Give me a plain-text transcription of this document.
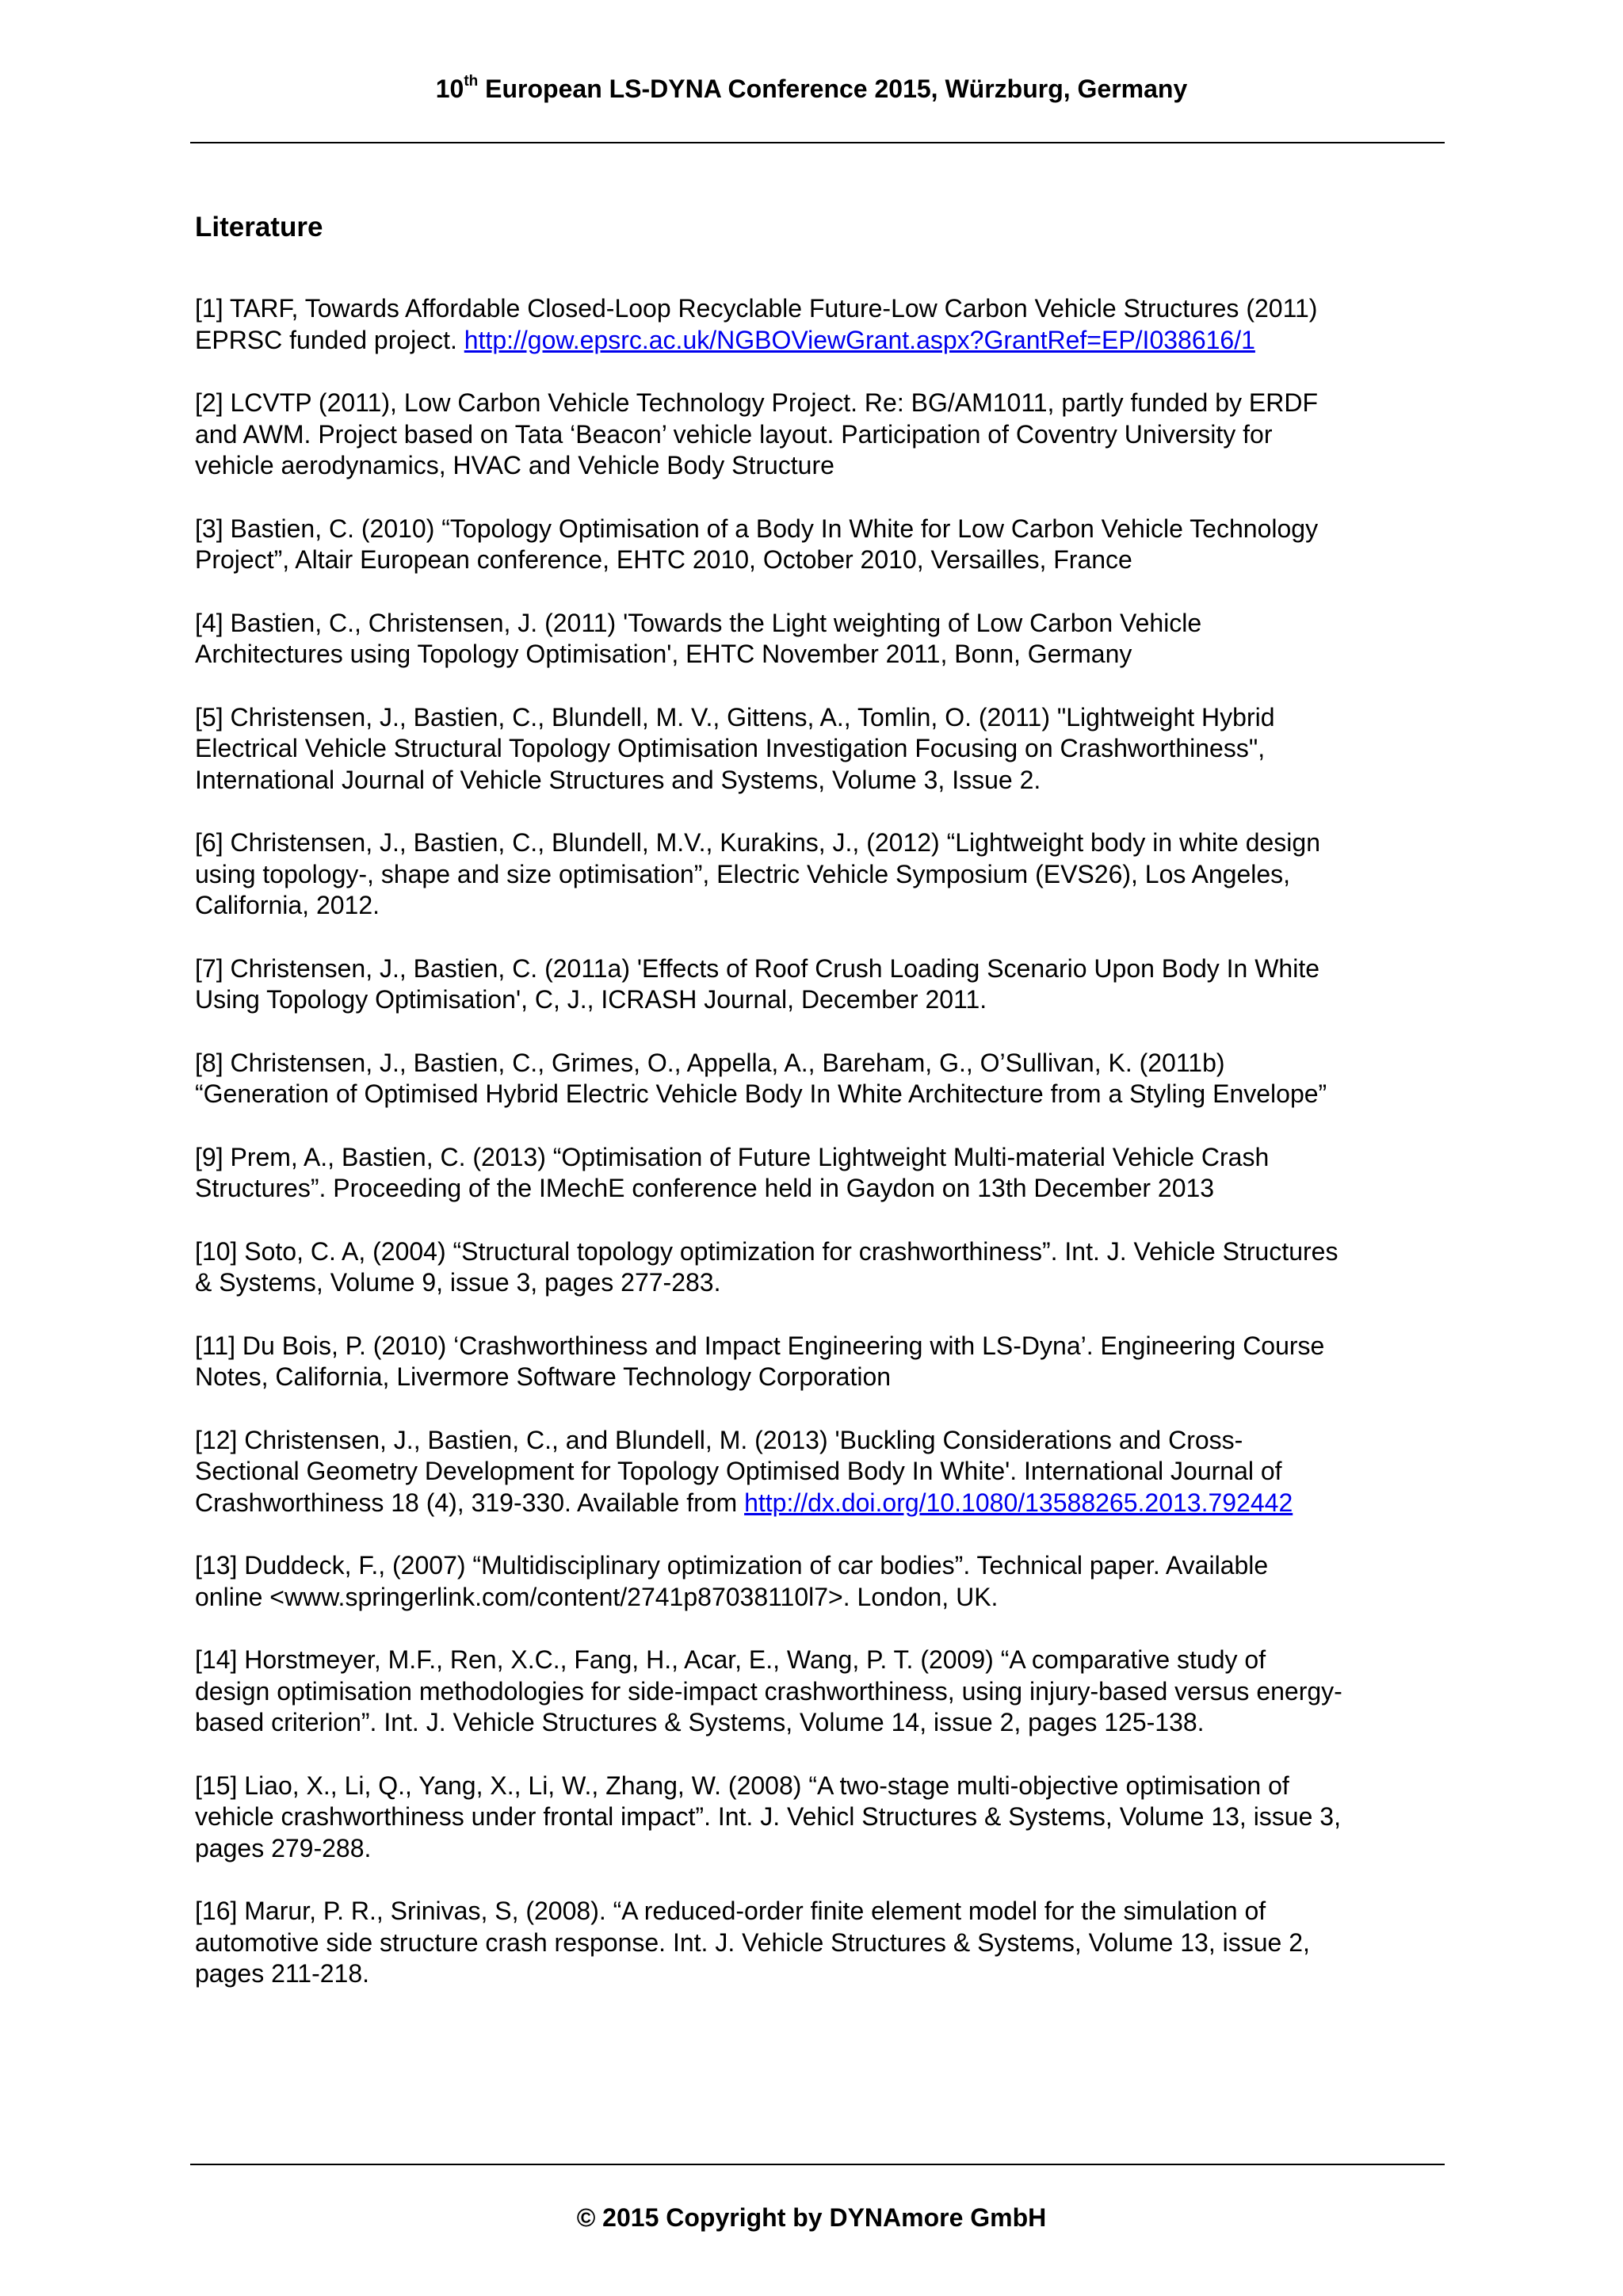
10th European LS-DYNA Conference 2015, Würzburg, Germany
Literature
[1] TARF, Towards Affordable Closed-Loop Recyclable Future-Low Carbon Vehicle Structures (2011)
EPRSC funded project. http://gow.epsrc.ac.uk/NGBOViewGrant.aspx?GrantRef=EP/I038616/1
[2] LCVTP (2011), Low Carbon Vehicle Technology Project. Re: BG/AM1011, partly funded by ERDF
and AWM. Project based on Tata ‘Beacon’ vehicle layout. Participation of Coventry University for
vehicle aerodynamics, HVAC and Vehicle Body Structure
[3] Bastien, C. (2010) “Topology Optimisation of a Body In White for Low Carbon Vehicle Technology
Project”, Altair European conference, EHTC 2010, October 2010, Versailles, France
[4] Bastien, C., Christensen, J. (2011) 'Towards the Light weighting of Low Carbon Vehicle
Architectures using Topology Optimisation', EHTC November 2011, Bonn, Germany
[5] Christensen, J., Bastien, C., Blundell, M. V., Gittens, A., Tomlin, O. (2011) "Lightweight Hybrid
Electrical Vehicle Structural Topology Optimisation Investigation Focusing on Crashworthiness",
International Journal of Vehicle Structures and Systems, Volume 3, Issue 2.
[6] Christensen, J., Bastien, C., Blundell, M.V., Kurakins, J., (2012) “Lightweight body in white design
using topology-, shape and size optimisation”, Electric Vehicle Symposium (EVS26), Los Angeles,
California, 2012.
[7] Christensen, J., Bastien, C. (2011a) 'Effects of Roof Crush Loading Scenario Upon Body In White
Using Topology Optimisation', C, J., ICRASH Journal, December 2011.
[8] Christensen, J., Bastien, C., Grimes, O., Appella, A., Bareham, G., O’Sullivan, K. (2011b)
“Generation of Optimised Hybrid Electric Vehicle Body In White Architecture from a Styling Envelope”
[9] Prem, A., Bastien, C. (2013) “Optimisation of Future Lightweight Multi-material Vehicle Crash
Structures”. Proceeding of the IMechE conference held in Gaydon on 13th December 2013
[10] Soto, C. A, (2004) “Structural topology optimization for crashworthiness”. Int. J. Vehicle Structures
& Systems, Volume 9, issue 3, pages 277-283.
[11] Du Bois, P. (2010) ‘Crashworthiness and Impact Engineering with LS-Dyna’. Engineering Course
Notes, California, Livermore Software Technology Corporation
[12] Christensen, J., Bastien, C., and Blundell, M. (2013) 'Buckling Considerations and Cross-
Sectional Geometry Development for Topology Optimised Body In White'. International Journal of
Crashworthiness 18 (4), 319-330. Available from http://dx.doi.org/10.1080/13588265.2013.792442
[13] Duddeck, F., (2007) “Multidisciplinary optimization of car bodies”. Technical paper. Available
online <www.springerlink.com/content/2741p87038110l7>. London, UK.
[14] Horstmeyer, M.F., Ren, X.C., Fang, H., Acar, E., Wang, P. T. (2009) “A comparative study of
design optimisation methodologies for side-impact crashworthiness, using injury-based versus energy-
based criterion”. Int. J. Vehicle Structures & Systems, Volume 14, issue 2, pages 125-138.
[15] Liao, X., Li, Q., Yang, X., Li, W., Zhang, W. (2008) “A two-stage multi-objective optimisation of
vehicle crashworthiness under frontal impact”. Int. J. Vehicl Structures & Systems, Volume 13, issue 3,
pages 279-288.
[16] Marur, P. R., Srinivas, S, (2008). “A reduced-order finite element model for the simulation of
automotive side structure crash response. Int. J. Vehicle Structures & Systems, Volume 13, issue 2,
pages 211-218.
© 2015 Copyright by DYNAmore GmbH
